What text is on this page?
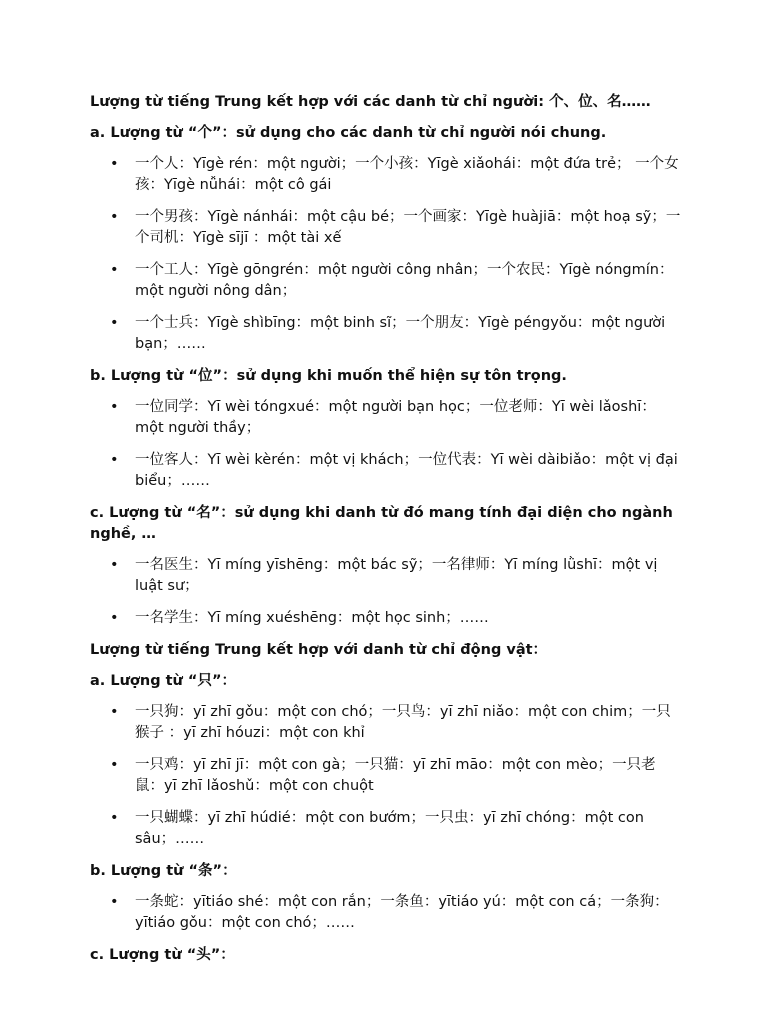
Lượng từ tiếng Trung kết hợp với các danh từ chỉ người: 个、位、名……
a. Lượng từ “个”：sử dụng cho các danh từ chỉ người nói chung.
• 一个人：Yīgè rén：một người；一个小孩：Yīgè xiǎohái：một đứa trẻ； 一个女孩：Yīgè nǚhái：một cô gái
• 一个男孩：Yīgè nánhái：một cậu bé；一个画家：Yīgè huàjiā：một hoạ sỹ；一个司机：Yīgè sījī ：một tài xế
• 一个工人：Yīgè gōngrén：một người công nhân；一个农民：Yīgè nóngmín：một người nông dân；
• 一个士兵：Yīgè shìbīng：một binh sĩ；一个朋友：Yīgè péngyǒu：một người bạn；……
b. Lượng từ “位”：sử dụng khi muốn thể hiện sự tôn trọng.
• 一位同学：Yī wèi tóngxué：một người bạn học；一位老师：Yī wèi lǎoshī：một người thầy；
• 一位客人：Yī wèi kèrén：một vị khách；一位代表：Yī wèi dàibiǎo：một vị đại biểu；……
c. Lượng từ “名”：sử dụng khi danh từ đó mang tính đại diện cho ngành nghề, …
• 一名医生：Yī míng yīshēng：một bác sỹ；一名律师：Yī míng lǜshī：một vị luật sư；
• 一名学生：Yī míng xuéshēng：một học sinh；……
Lượng từ tiếng Trung kết hợp với danh từ chỉ động vật：
a. Lượng từ “只”：
• 一只狗：yī zhī gǒu：một con chó；一只鸟：yī zhī niǎo：một con chim；一只猴子 ：yī zhī hóuzi：một con khỉ
• 一只鸡：yī zhī jī：một con gà；一只猫：yī zhī māo：một con mèo；一只老鼠：yī zhī lǎoshǔ：một con chuột
• 一只蝴蝶：yī zhī húdié：một con bướm；一只虫：yī zhī chóng：một con sâu；……
b. Lượng từ “条”：
• 一条蛇：yītiáo shé：một con rắn；一条鱼：yītiáo yú：một con cá；一条狗：yītiáo gǒu：một con chó；……
c. Lượng từ “头”：
